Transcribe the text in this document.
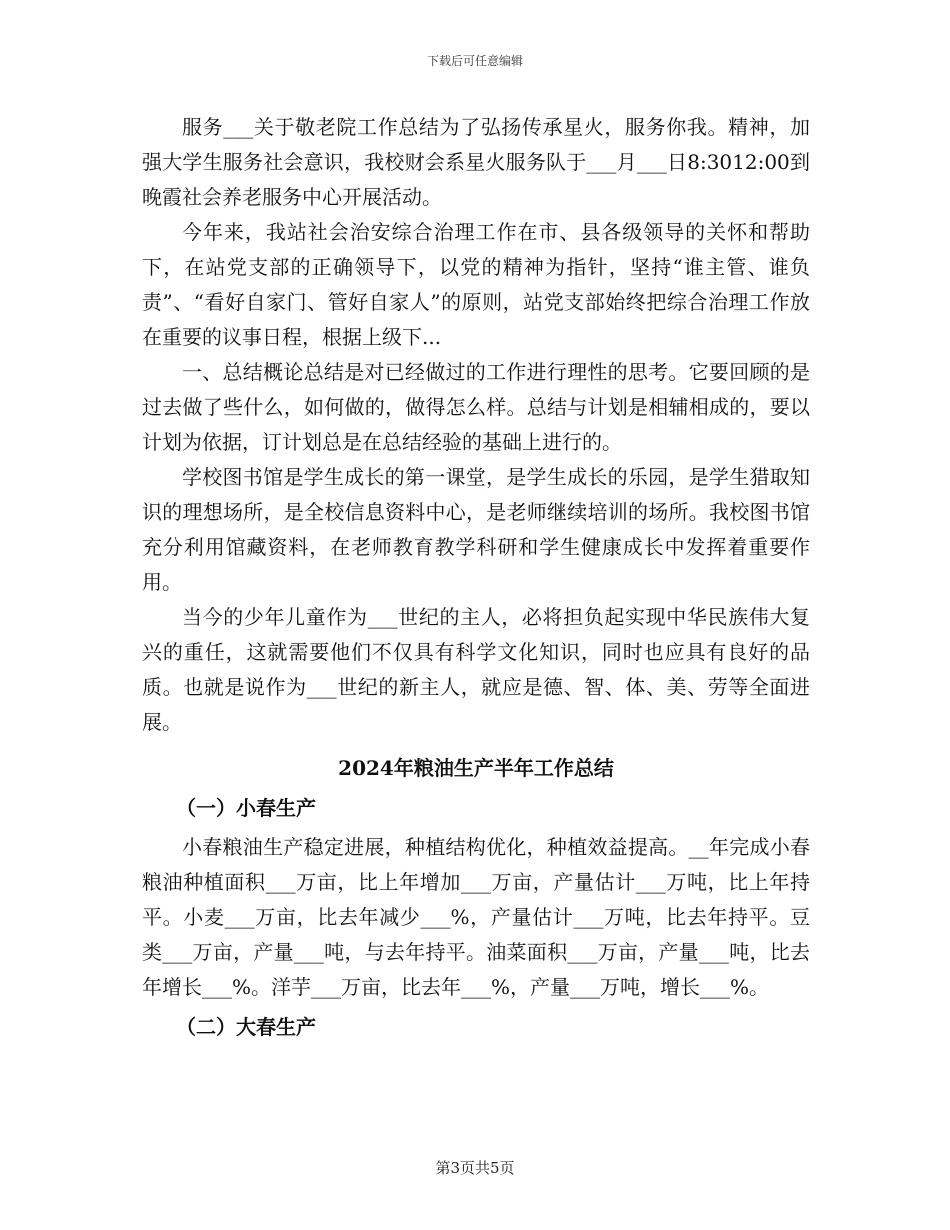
下载后可任意编辑

服务___关于敬老院工作总结为了弘扬传承星火，服务你我。精神，加强大学生服务社会意识，我校财会系星火服务队于___月___日8:3012:00到晚霞社会养老服务中心开展活动。

今年来，我站社会治安综合治理工作在市、县各级领导的关怀和帮助下，在站党支部的正确领导下，以党的精神为指针，坚持“谁主管、谁负责”、“看好自家门、管好自家人”的原则，站党支部始终把综合治理工作放在重要的议事日程，根据上级下...

一、总结概论总结是对已经做过的工作进行理性的思考。它要回顾的是过去做了些什么，如何做的，做得怎么样。总结与计划是相辅相成的，要以计划为依据，订计划总是在总结经验的基础上进行的。

学校图书馆是学生成长的第一课堂，是学生成长的乐园，是学生猎取知识的理想场所，是全校信息资料中心，是老师继续培训的场所。我校图书馆充分利用馆藏资料，在老师教育教学科研和学生健康成长中发挥着重要作用。

当今的少年儿童作为___世纪的主人，必将担负起实现中华民族伟大复兴的重任，这就需要他们不仅具有科学文化知识，同时也应具有良好的品质。也就是说作为___世纪的新主人，就应是德、智、体、美、劳等全面进展。

2024年粮油生产半年工作总结
（一）小春生产

小春粮油生产稳定进展，种植结构优化，种植效益提高。__年完成小春粮油种植面积___万亩，比上年增加___万亩，产量估计___万吨，比上年持平。小麦___万亩，比去年减少___%，产量估计___万吨，比去年持平。豆类___万亩，产量___吨，与去年持平。油菜面积___万亩，产量___吨，比去年增长___%。洋芋___万亩，比去年___%，产量___万吨，增长___%。

（二）大春生产
第3页共5页
